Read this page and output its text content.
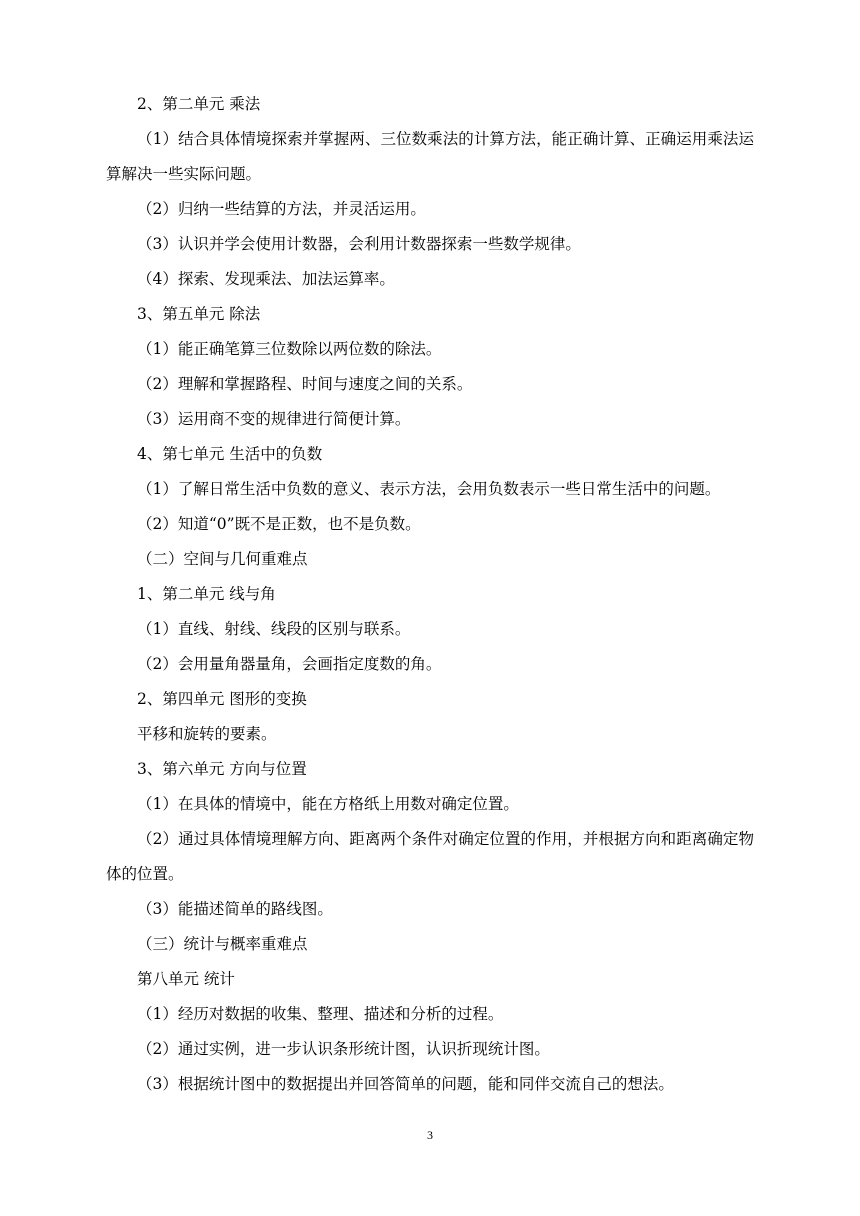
2、第二单元 乘法

（1）结合具体情境探索并掌握两、三位数乘法的计算方法，能正确计算、正确运用乘法运算解决一些实际问题。

（2）归纳一些结算的方法，并灵活运用。

（3）认识并学会使用计数器，会利用计数器探索一些数学规律。

（4）探索、发现乘法、加法运算率。

3、第五单元 除法

（1）能正确笔算三位数除以两位数的除法。

（2）理解和掌握路程、时间与速度之间的关系。

（3）运用商不变的规律进行简便计算。

4、第七单元 生活中的负数

（1）了解日常生活中负数的意义、表示方法，会用负数表示一些日常生活中的问题。

（2）知道“0”既不是正数，也不是负数。

（二）空间与几何重难点

1、第二单元 线与角

（1）直线、射线、线段的区别与联系。

（2）会用量角器量角，会画指定度数的角。

2、第四单元 图形的变换

平移和旋转的要素。

3、第六单元 方向与位置

（1）在具体的情境中，能在方格纸上用数对确定位置。

（2）通过具体情境理解方向、距离两个条件对确定位置的作用，并根据方向和距离确定物体的位置。

（3）能描述简单的路线图。

（三）统计与概率重难点

第八单元 统计

（1）经历对数据的收集、整理、描述和分析的过程。

（2）通过实例，进一步认识条形统计图，认识折现统计图。

（3）根据统计图中的数据提出并回答简单的问题，能和同伴交流自己的想法。

3
